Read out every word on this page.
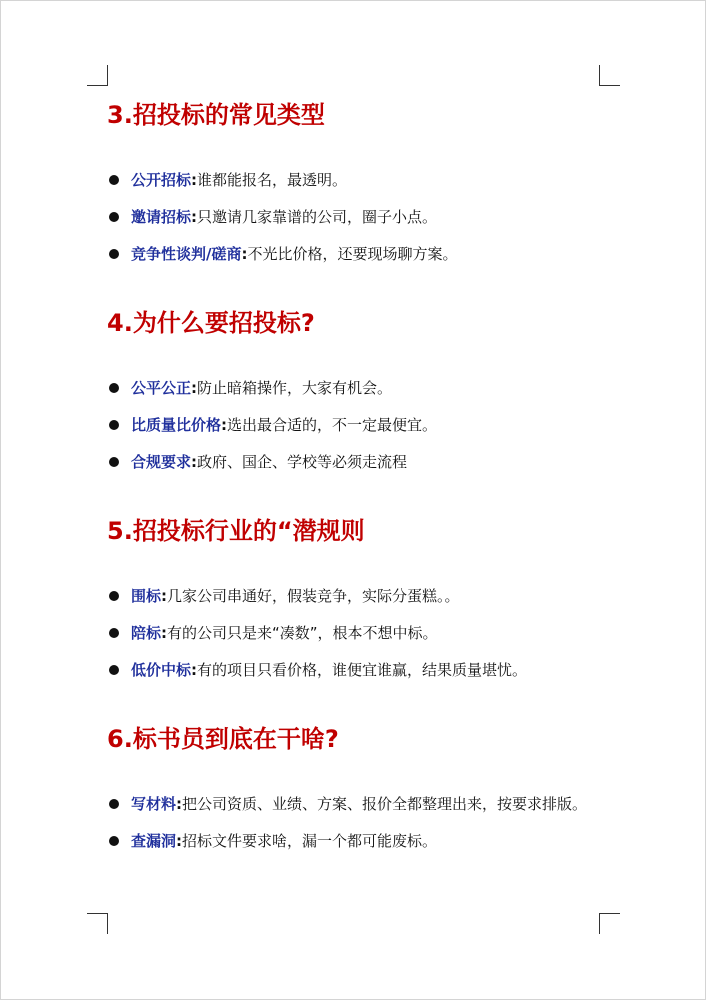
3.招投标的常见类型
公开招标:谁都能报名，最透明。
邀请招标:只邀请几家靠谱的公司，圈子小点。
竞争性谈判/磋商:不光比价格，还要现场聊方案。
4.为什么要招投标?
公平公正:防止暗箱操作，大家有机会。
比质量比价格:选出最合适的，不一定最便宜。
合规要求:政府、国企、学校等必须走流程
5.招投标行业的“潜规则
围标:几家公司串通好，假装竞争，实际分蛋糕。。
陪标:有的公司只是来“凑数”，根本不想中标。
低价中标:有的项目只看价格，谁便宜谁赢，结果质量堪忧。
6.标书员到底在干啥?
写材料:把公司资质、业绩、方案、报价全都整理出来，按要求排版。
查漏洞:招标文件要求啥，漏一个都可能废标。
